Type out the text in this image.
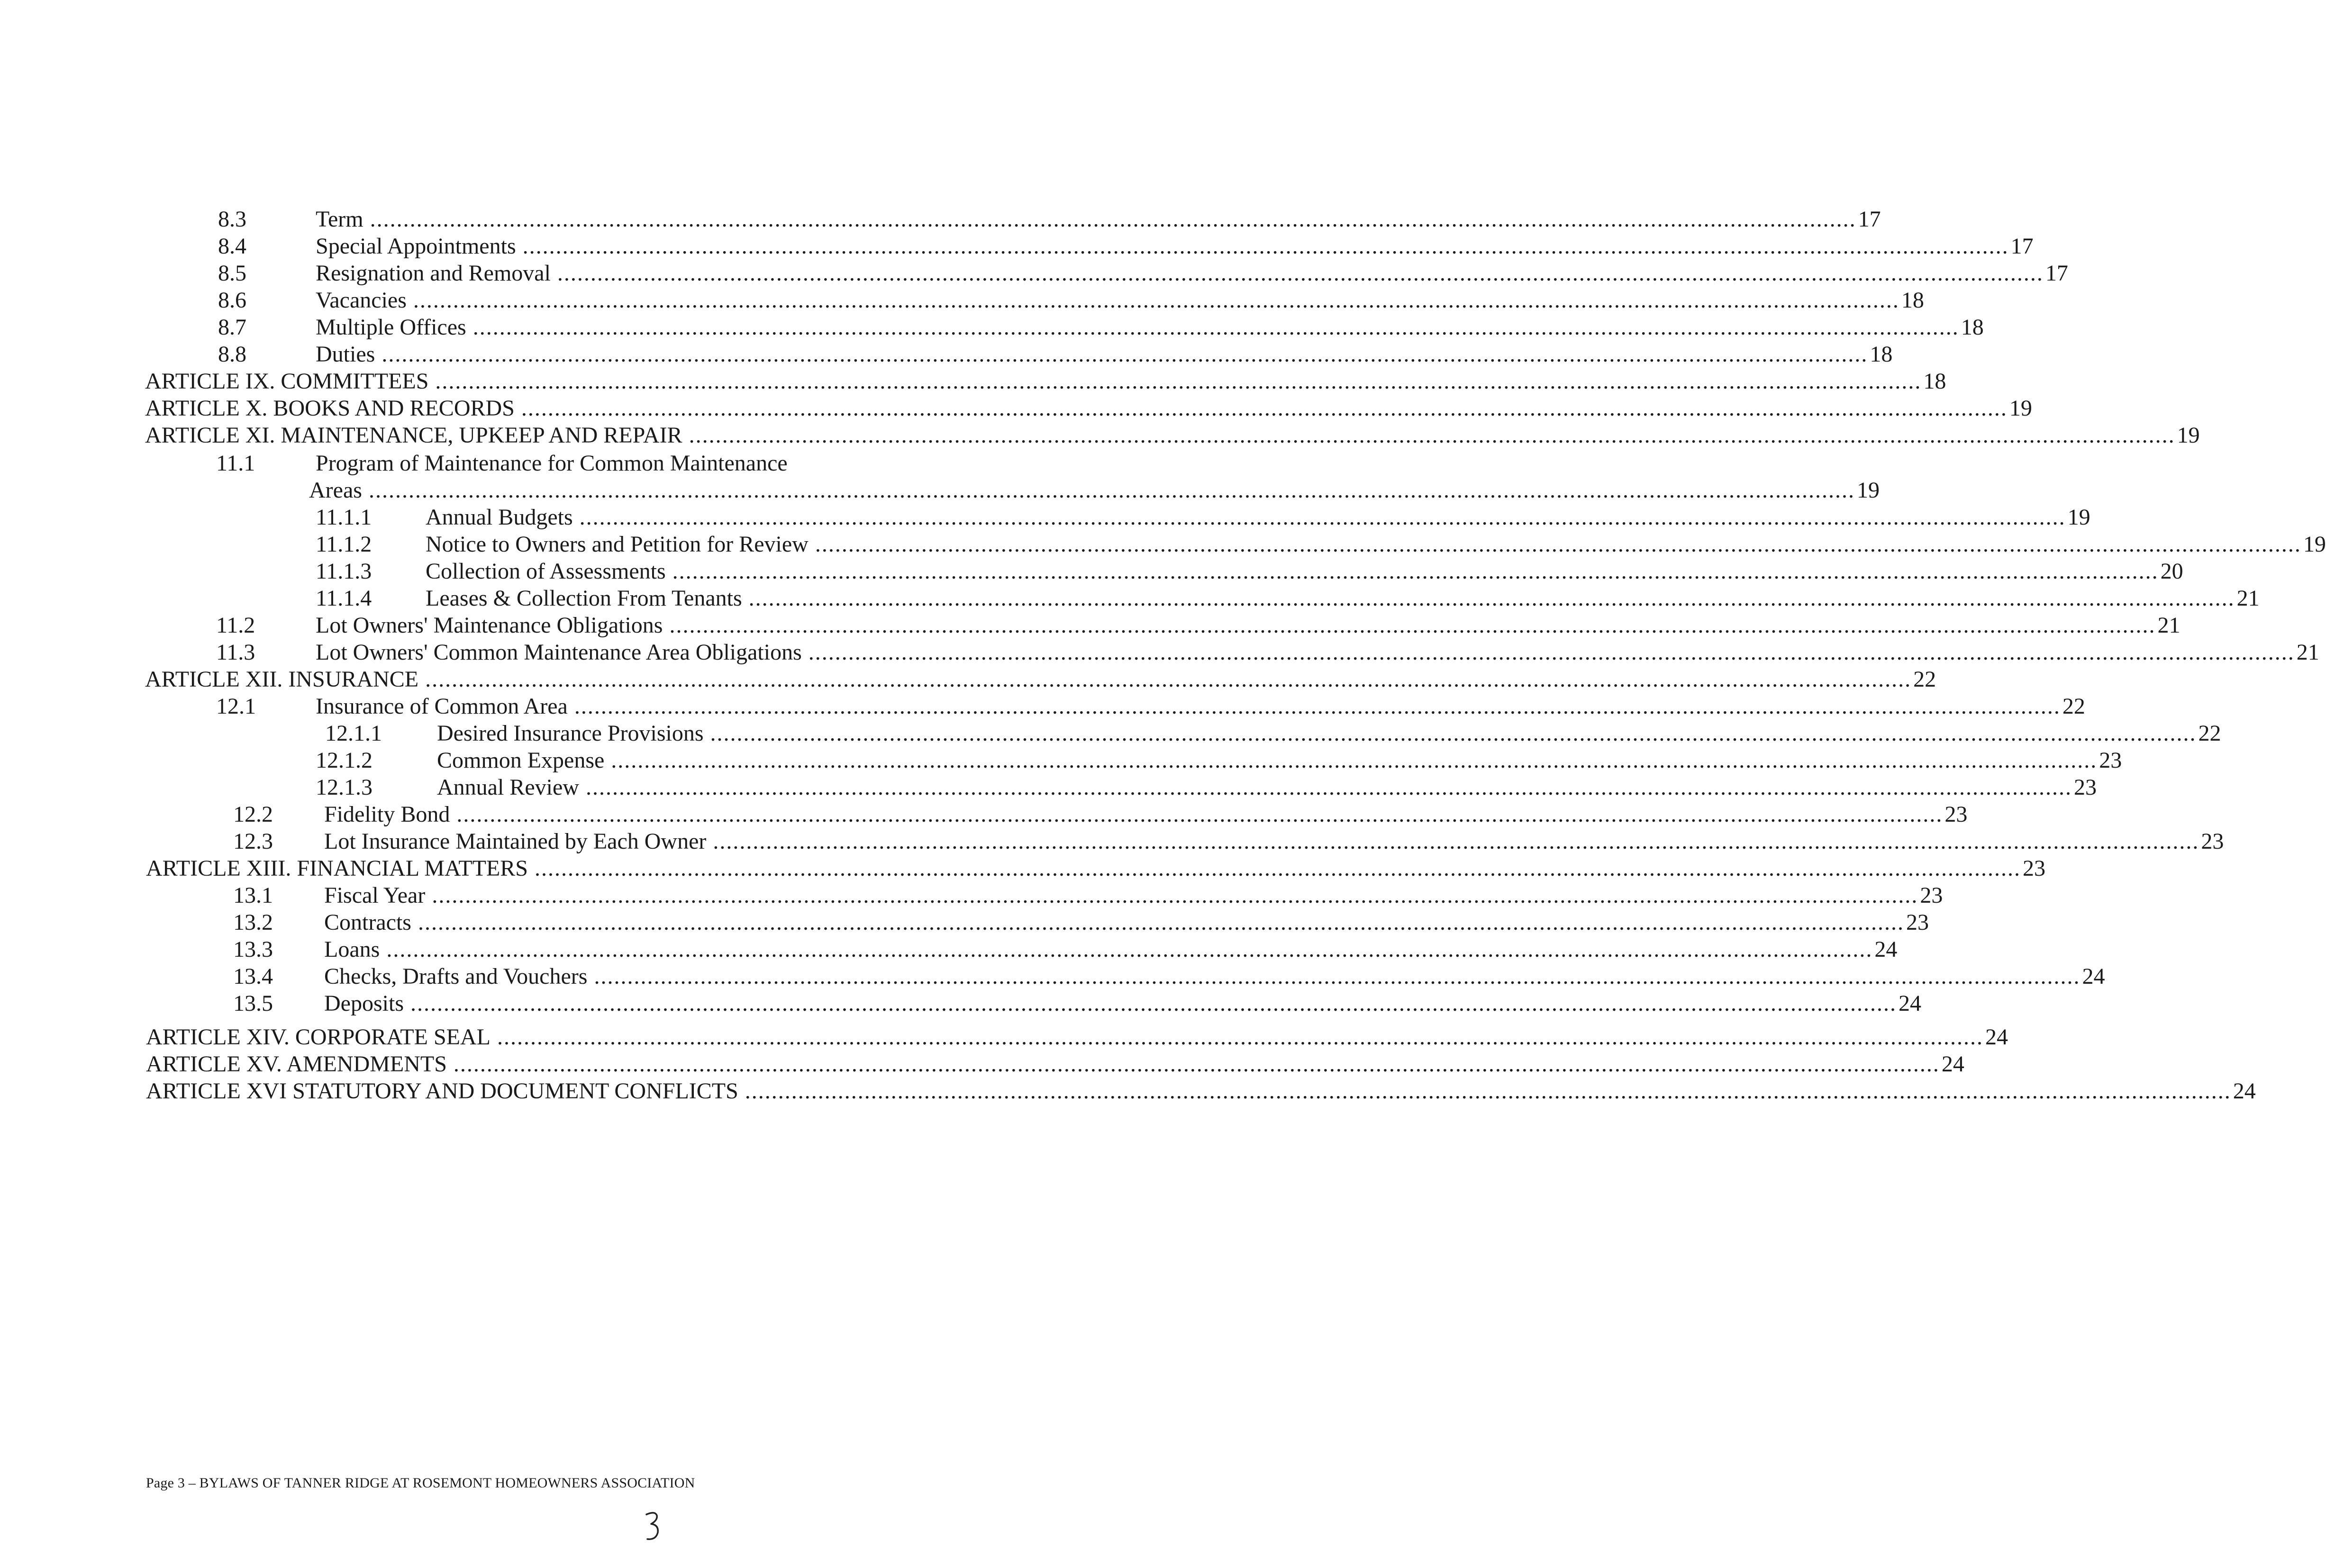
8.3	Term ................................................................................................................................................................................................................................ 17
8.4	Special Appointments ................................................................................................................................................................................................................................ 17
8.5	Resignation and Removal ................................................................................................................................................................................................................................ 17
8.6	Vacancies ................................................................................................................................................................................................................................ 18
8.7	Multiple Offices ................................................................................................................................................................................................................................ 18
8.8	Duties ................................................................................................................................................................................................................................ 18
ARTICLE IX. COMMITTEES ................................................................................................................................................................................................................................ 18
ARTICLE X. BOOKS AND RECORDS ................................................................................................................................................................................................................................ 19
ARTICLE XI. MAINTENANCE, UPKEEP AND REPAIR ................................................................................................................................................................................................................................ 19
11.1	Program of Maintenance for Common Maintenance
Areas ................................................................................................................................................................................................................................ 19
11.1.1 Annual Budgets ................................................................................................................................................................................................................................ 19
11.1.2 Notice to Owners and Petition for Review ................................................................................................................................................................................................................................ 19
11.1.3 Collection of Assessments ................................................................................................................................................................................................................................ 20
11.1.4 Leases & Collection From Tenants ................................................................................................................................................................................................................................ 21
11.2	Lot Owners' Maintenance Obligations ................................................................................................................................................................................................................................ 21
11.3	Lot Owners' Common Maintenance Area Obligations ................................................................................................................................................................................................................................ 21
ARTICLE XII. INSURANCE ................................................................................................................................................................................................................................ 22
12.1	Insurance of Common Area ................................................................................................................................................................................................................................ 22
12.1.1 Desired Insurance Provisions ................................................................................................................................................................................................................................ 22
12.1.2	Common Expense ................................................................................................................................................................................................................................ 23
12.1.3	Annual Review ................................................................................................................................................................................................................................ 23
12.2 Fidelity Bond ................................................................................................................................................................................................................................ 23
12.3 Lot Insurance Maintained by Each Owner ................................................................................................................................................................................................................................ 23
ARTICLE XIII. FINANCIAL MATTERS ................................................................................................................................................................................................................................ 23
13.1 Fiscal Year ................................................................................................................................................................................................................................ 23
13.2 Contracts ................................................................................................................................................................................................................................ 23
13.3 Loans ................................................................................................................................................................................................................................ 24
13.4 Checks, Drafts and Vouchers ................................................................................................................................................................................................................................ 24
13.5 Deposits ................................................................................................................................................................................................................................ 24
ARTICLE XIV. CORPORATE SEAL ................................................................................................................................................................................................................................ 24
ARTICLE XV. AMENDMENTS ................................................................................................................................................................................................................................ 24
ARTICLE XVI STATUTORY AND DOCUMENT CONFLICTS ................................................................................................................................................................................................................................ 24
Page 3 – BYLAWS OF TANNER RIDGE AT ROSEMONT HOMEOWNERS ASSOCIATION
